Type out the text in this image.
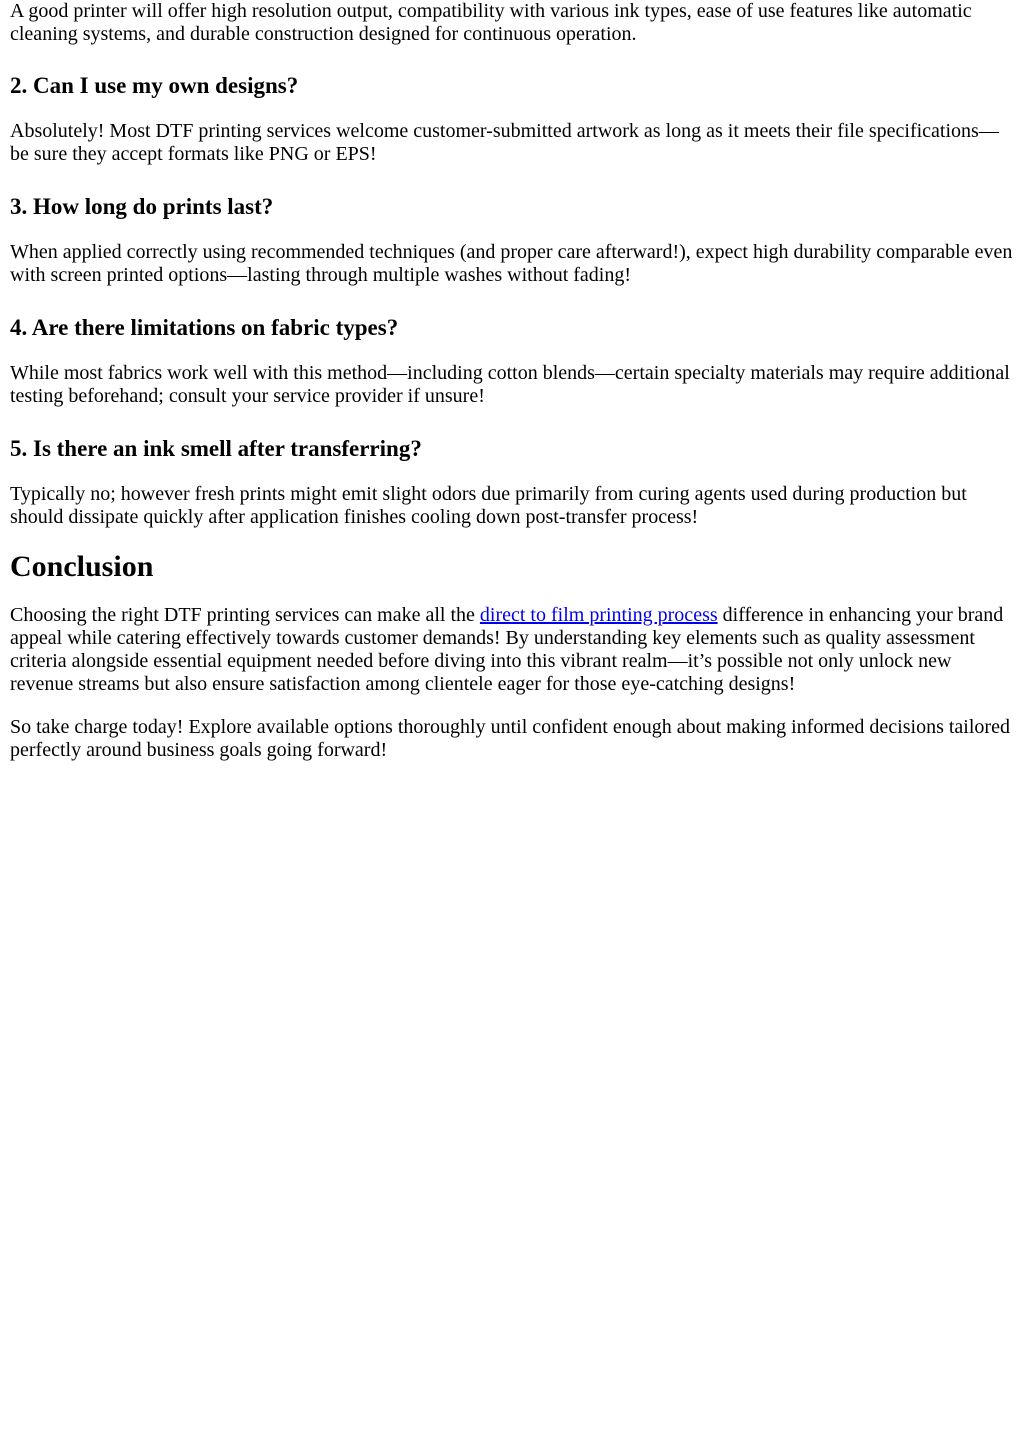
A good printer will offer high resolution output, compatibility with various ink types, ease of use features like automatic cleaning systems, and durable construction designed for continuous operation.

2. Can I use my own designs?

Absolutely! Most DTF printing services welcome customer-submitted artwork as long as it meets their file specifications—be sure they accept formats like PNG or EPS!

3. How long do prints last?

When applied correctly using recommended techniques (and proper care afterward!), expect high durability comparable even with screen printed options—lasting through multiple washes without fading!

4. Are there limitations on fabric types?

While most fabrics work well with this method—including cotton blends—certain specialty materials may require additional testing beforehand; consult your service provider if unsure!

5. Is there an ink smell after transferring?

Typically no; however fresh prints might emit slight odors due primarily from curing agents used during production but should dissipate quickly after application finishes cooling down post-transfer process!

Conclusion

Choosing the right DTF printing services can make all the direct to film printing process difference in enhancing your brand appeal while catering effectively towards customer demands! By understanding key elements such as quality assessment criteria alongside essential equipment needed before diving into this vibrant realm—it’s possible not only unlock new revenue streams but also ensure satisfaction among clientele eager for those eye-catching designs!

So take charge today! Explore available options thoroughly until confident enough about making informed decisions tailored perfectly around business goals going forward!
